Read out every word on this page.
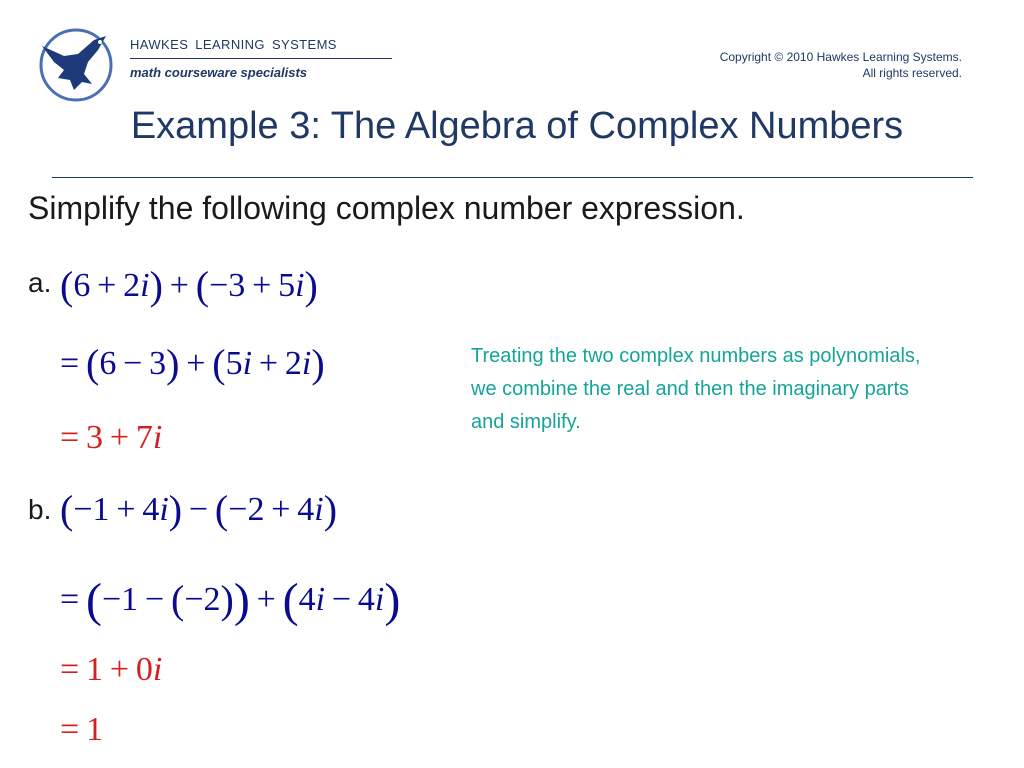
HAWKES LEARNING SYSTEMS
math courseware specialists
Copyright © 2010 Hawkes Learning Systems.
All rights reserved.
Example 3: The Algebra of Complex Numbers
Simplify the following complex number expression.
a. (6  +  2i)  +  (−3  +  5i)
=  (6  −  3)  +  (5i  +  2i)
=  3  +  7i
Treating the two complex numbers as polynomials, we combine the real and then the imaginary parts and simplify.
b. (−1  +  4i)  −  (−2  +  4i)
=  (−1  −  (−2))  +  (4i  −  4i)
=  1  +  0i
=  1
